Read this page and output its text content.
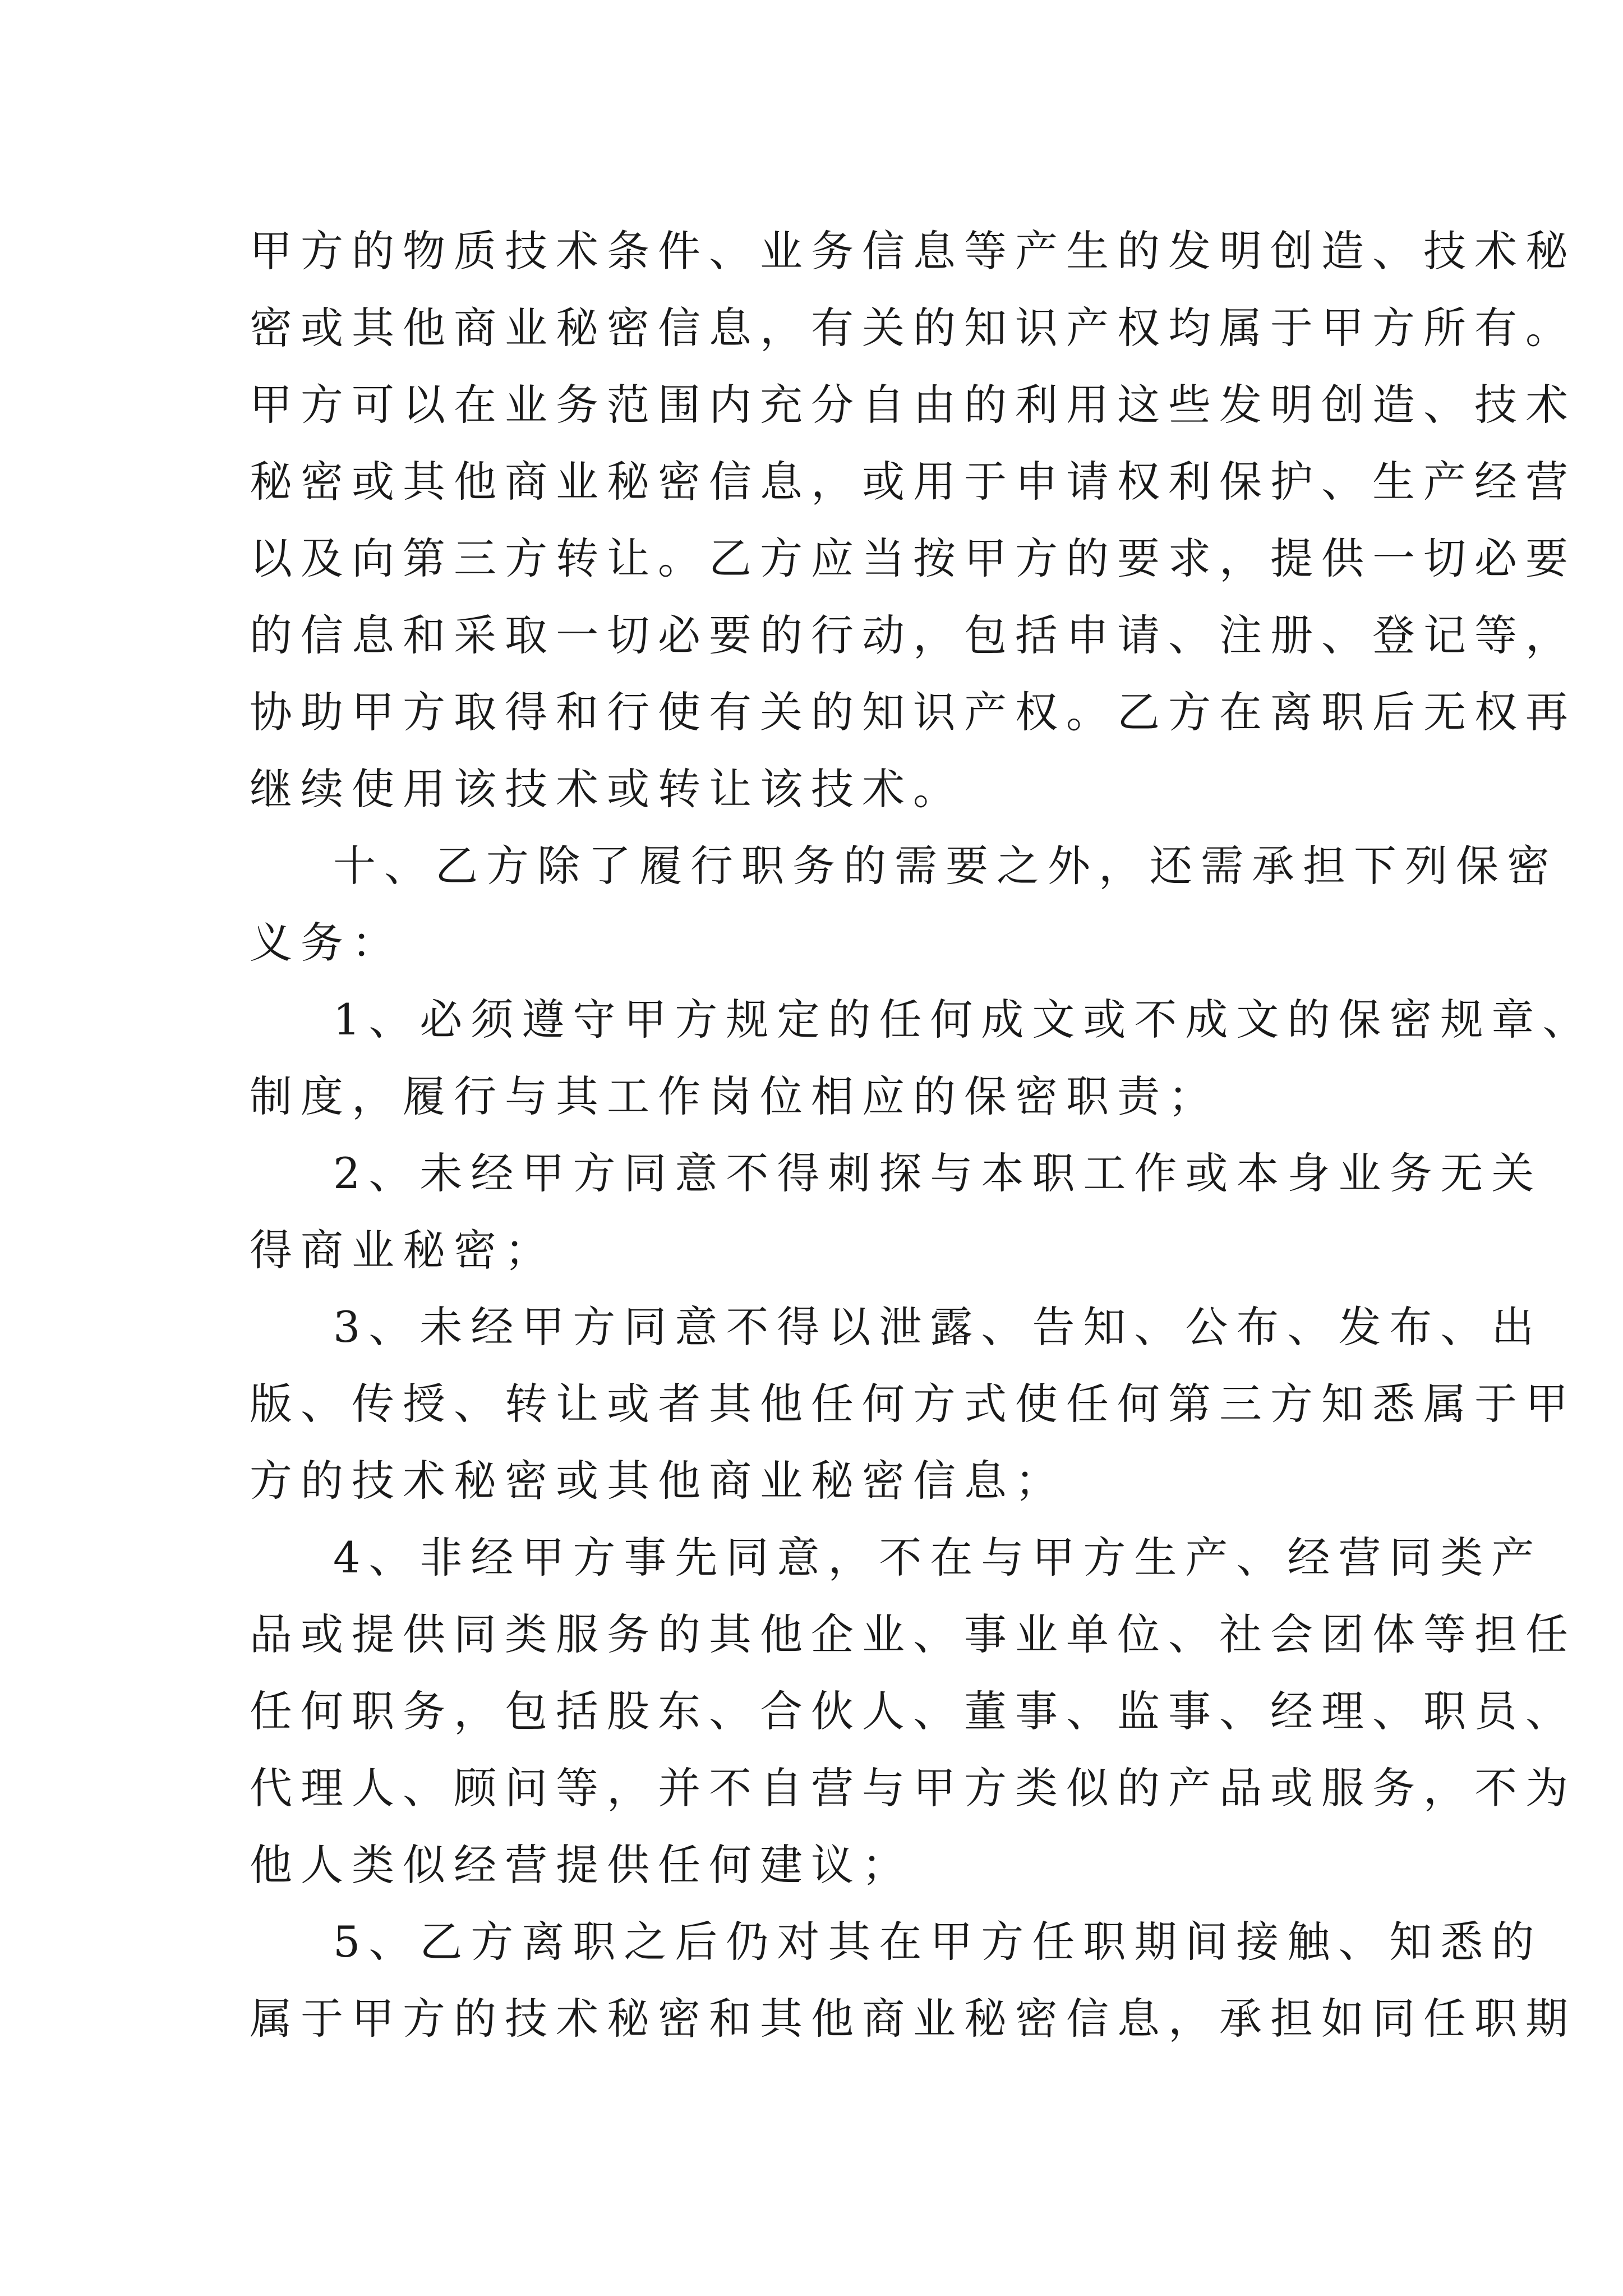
甲方的物质技术条件、业务信息等产生的发明创造、技术秘
密或其他商业秘密信息，有关的知识产权均属于甲方所有。
甲方可以在业务范围内充分自由的利用这些发明创造、技术
秘密或其他商业秘密信息，或用于申请权利保护、生产经营
以及向第三方转让。乙方应当按甲方的要求，提供一切必要
的信息和采取一切必要的行动，包括申请、注册、登记等，
协助甲方取得和行使有关的知识产权。乙方在离职后无权再
继续使用该技术或转让该技术。
十、乙方除了履行职务的需要之外，还需承担下列保密
义务：
1、必须遵守甲方规定的任何成文或不成文的保密规章、
制度，履行与其工作岗位相应的保密职责；
2、未经甲方同意不得刺探与本职工作或本身业务无关
得商业秘密；
3、未经甲方同意不得以泄露、告知、公布、发布、出
版、传授、转让或者其他任何方式使任何第三方知悉属于甲
方的技术秘密或其他商业秘密信息；
4、非经甲方事先同意，不在与甲方生产、经营同类产
品或提供同类服务的其他企业、事业单位、社会团体等担任
任何职务，包括股东、合伙人、董事、监事、经理、职员、
代理人、顾问等，并不自营与甲方类似的产品或服务，不为
他人类似经营提供任何建议；
5、乙方离职之后仍对其在甲方任职期间接触、知悉的
属于甲方的技术秘密和其他商业秘密信息，承担如同任职期
